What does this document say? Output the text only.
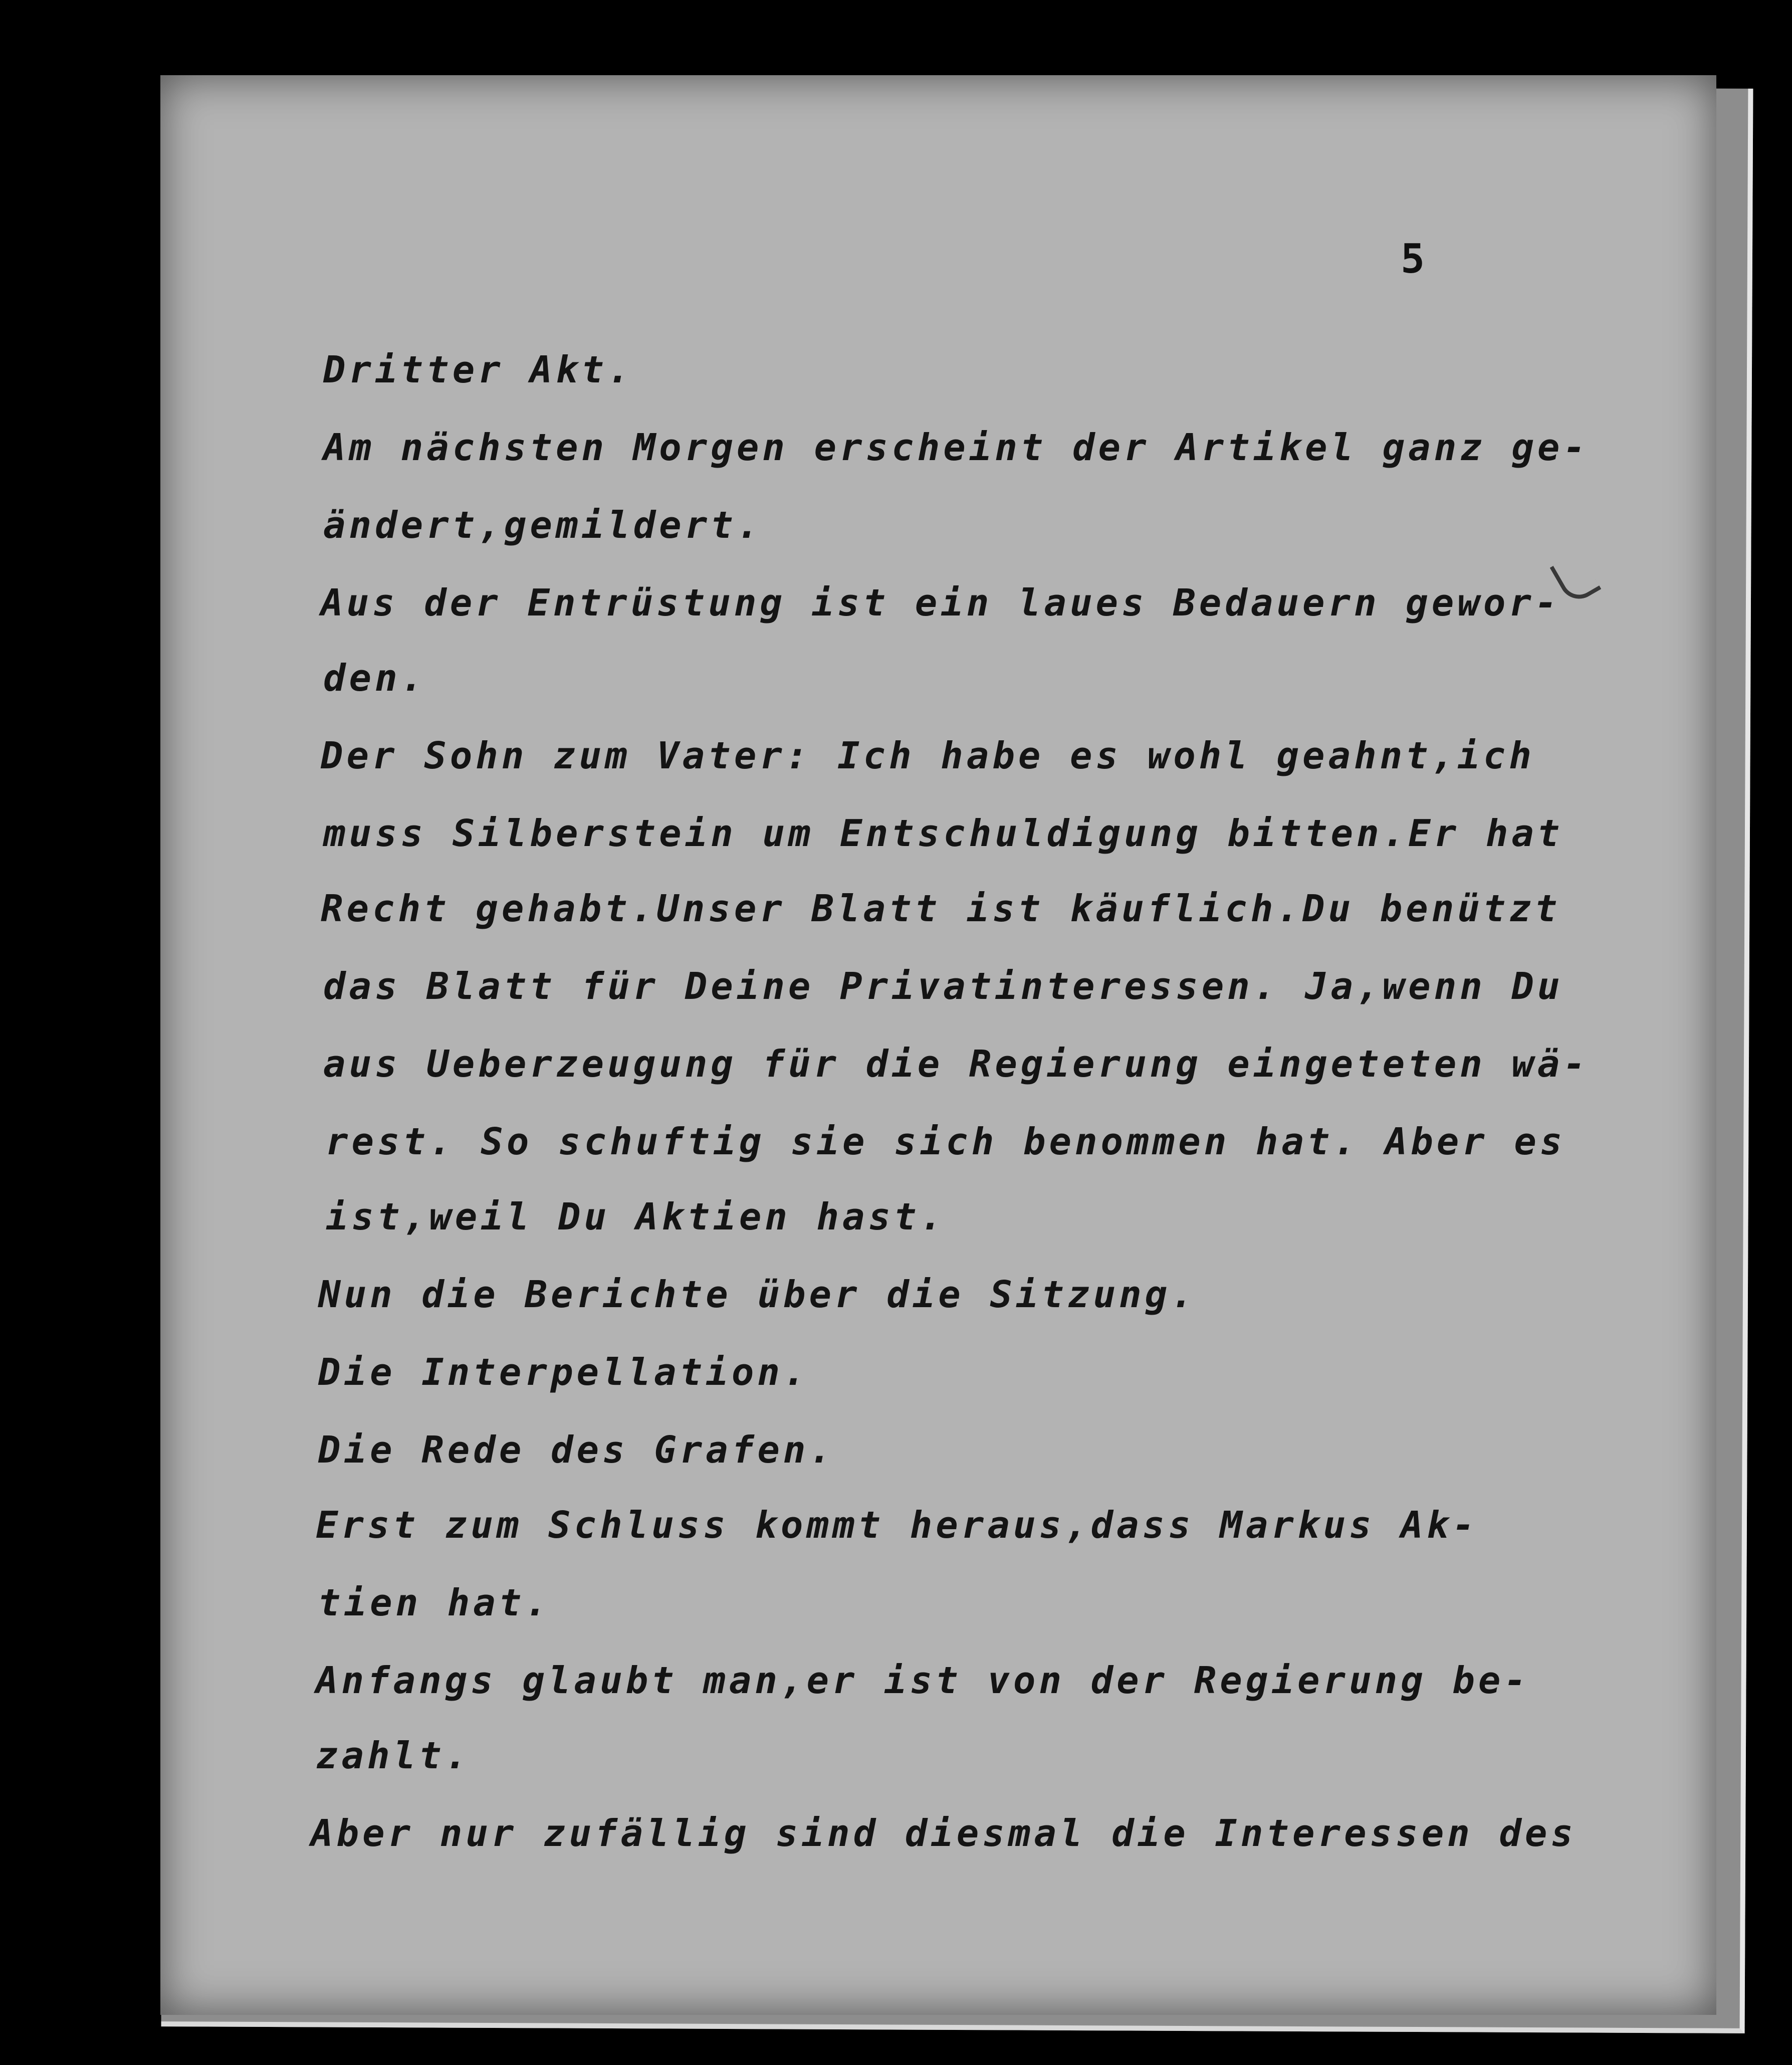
5
Dritter Akt.
Am nächsten Morgen erscheint der Artikel ganz ge-
ändert,gemildert.
Aus der Entrüstung ist ein laues Bedauern gewor-
den.
Der Sohn zum Vater: Ich habe es wohl geahnt,ich
muss Silberstein um Entschuldigung bitten.Er hat
Recht gehabt.Unser Blatt ist käuflich.Du benützt
das Blatt für Deine Privatinteressen. Ja,wenn Du
aus Ueberzeugung für die Regierung eingeteten wä-
rest. So schuftig sie sich benommen hat. Aber es
ist,weil Du Aktien hast.
Nun die Berichte über die Sitzung.
Die Interpellation.
Die Rede des Grafen.
Erst zum Schluss kommt heraus,dass Markus Ak-
tien hat.
Anfangs glaubt man,er ist von der Regierung be-
zahlt.
Aber nur zufällig sind diesmal die Interessen des
